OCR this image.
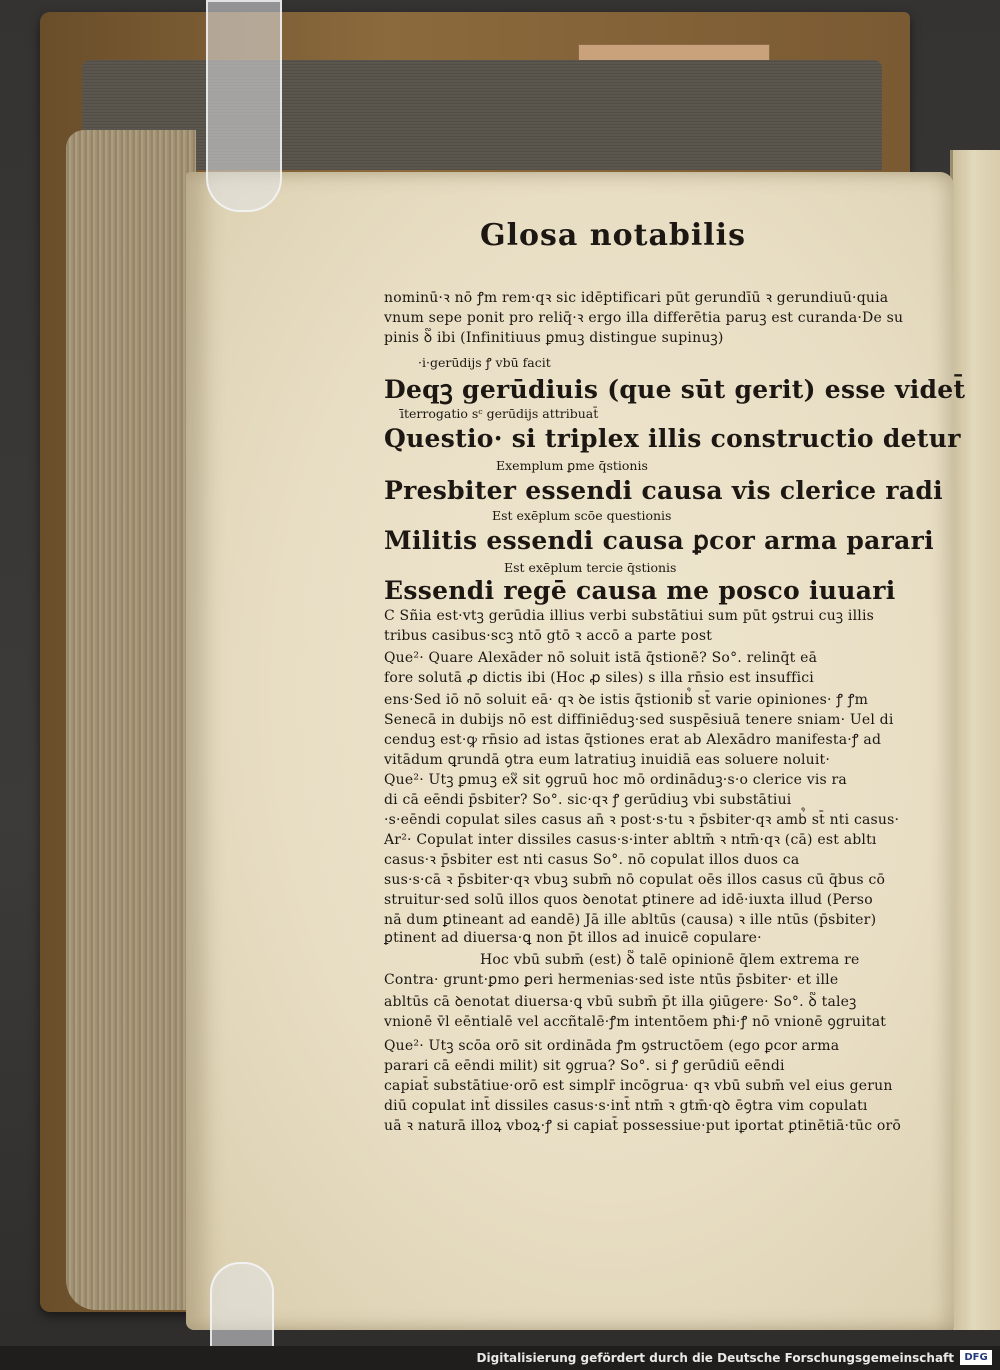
Glosa notabilis
nominū·ꝛ nō ꝭm rem·qꝛ sic idēptificari pūt gerundīū ꝛ gerundiuū·quia
vnum sepe ponit pro reliq̄·ꝛ ergo illa differētia paruꝫ est curanda·De su
pinis ꝺ᷑ ibi (Infinitiuus ꝑmuꝫ distingue supinuꝫ)
·i·gerūdijs ꝭ vbū facit
Deqꝫ gerūdiuis (que sūt gerit) esse videt̄
ī̄terrogatio sᶜ gerūdijs attribuat̄
Questio· si triplex illis constructio detur
Exemplum ꝑme q̄stionis
Presbiter essendi causa vis clerice radi
Est exēplum scōe questionis
Militis essendi causa ꝑcor arma parari
Est exēplum tercie q̄stionis
Essendi regē causa me posco iuuari
C Sñia est·vtꝫ gerūdia illius verbi substātiui sum pūt ꝯstrui cuꝫ illis
tribus casibus·scꝫ ntō gtō ꝛ accō a parte post
Que²· Quare Alexāder nō soluit istā q̄stionē? So°. relinq̄t eā
fore solutā ꝓ dictis ibi (Hoc ꝓ siles) s illa rn̄sio est insuffici
ens·Sed iō nō soluit eā· qꝛ ꝺe istis q̄stionib᷒ st̄ varie opiniones· ꝭ ꝭm
Senecā in dubijs nō est diffiniēduꝫ·sed suspēsiuā tenere sniam· Uel di
cenduꝫ est·ꝙ rn̄sio ad istas q̄stiones erat ab Alexādro manifesta·ꝭ ad
vitādum ꝗrundā ꝯtra eum latratiuꝫ inuidiā eas soluere noluit·
Que²· Utꝫ ꝑmuꝫ ex᷑ sit ꝯgruū hoc mō ordināduꝫ·s·o clerice vis ra
di cā eēndi p̄sbiter? So°. sic·qꝛ ꝭ gerūdiuꝫ vbi substātiui
·s·eēndi copulat siles casus an̄ ꝛ post·s·tu ꝛ p̄sbiter·qꝛ amb᷒ st̄ nti casus·
Ar²· Copulat inter dissiles casus·s·inter abltm̄ ꝛ ntm̄·qꝛ (cā) est abltı
casus·ꝛ p̄sbiter est nti casus So°. nō copulat illos duos ca
sus·s·cā ꝛ p̄sbiter·qꝛ vbuꝫ subm̄ nō copulat oēs illos casus cū q̄bus cō
struitur·sed solū illos quos ꝺenotat ꝑtinere ad idē·iuxta illud (Perso
nā dum ꝑtineant ad eandē) Jā ille abltūs (causa) ꝛ ille ntūs (p̄sbiter)
ꝑtinent ad diuersa·ꝗ non p̄t illos ad inuicē copulare·
Hoc vbū subm̄ (est) ꝺ᷑ talē opinionē q̄lem extrema re
Contra· grunt·ꝑmo ꝑeri hermenias·sed iste ntūs p̄sbiter· et ille
abltūs cā ꝺenotat diuersa·ꝗ vbū subm̄ p̄t illa ꝯiūgere· So°. ꝺ᷑ taleꝫ
vnionē v̄l eēntialē vel accñtalē·ꝭm intentōem pħi·ꝭ nō vnionē ꝯgruitat
Que²· Utꝫ scōa orō sit ordināda ꝭm ꝯstructōem (ego ꝑcor arma
parari cā eēndi milit) sit ꝯgrua? So°. si ꝭ gerūdiū eēndi
capiat̄ substātiue·orō est simplr̄ incōgrua· qꝛ vbū subm̄ vel eius gerun
diū copulat int̄ dissiles casus·s·int̄ ntm̄ ꝛ gtm̄·qꝺ ēꝯtra vim copulatı
uā ꝛ naturā illoꝝ vboꝝ·ꝭ si capiat̄ possessiue·put iꝑortat ꝑtinētiā·tūc orō
Digitalisierung gefördert durch die Deutsche Forschungsgemeinschaft	DFG
